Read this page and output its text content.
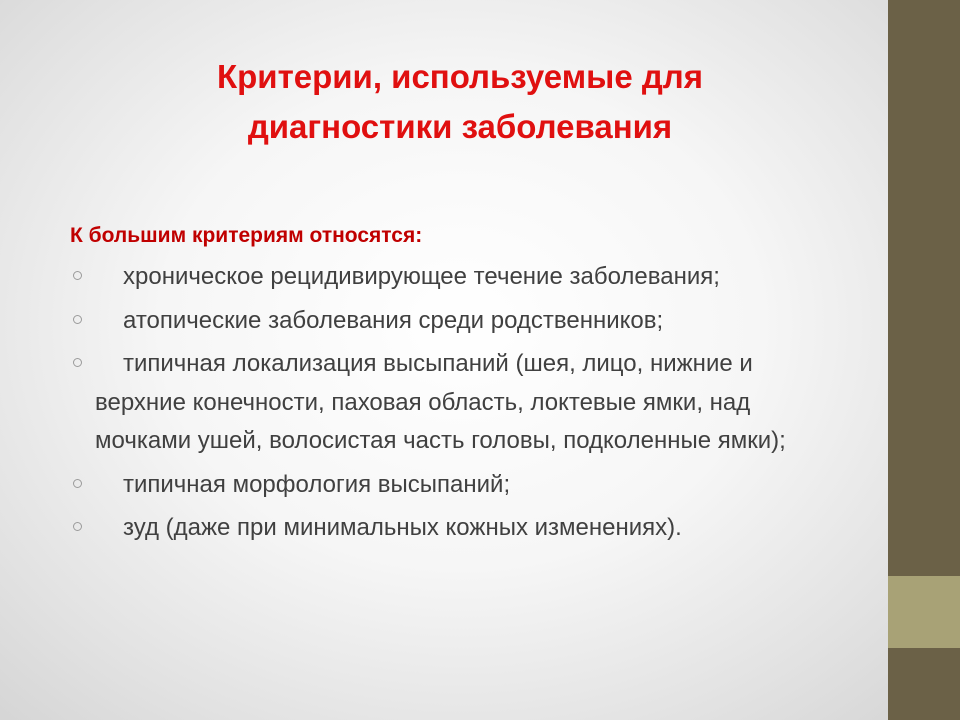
Критерии, используемые для
диагностики заболевания

К большим критериям относятся:

хроническое рецидивирующее течение заболевания;
атопические заболевания среди родственников;
типичная локализация высыпаний (шея, лицо, нижние и верхние конечности, паховая область, локтевые ямки, над мочками ушей, волосистая часть головы, подколенные ямки);
типичная морфология высыпаний;
зуд (даже при минимальных кожных изменениях).
